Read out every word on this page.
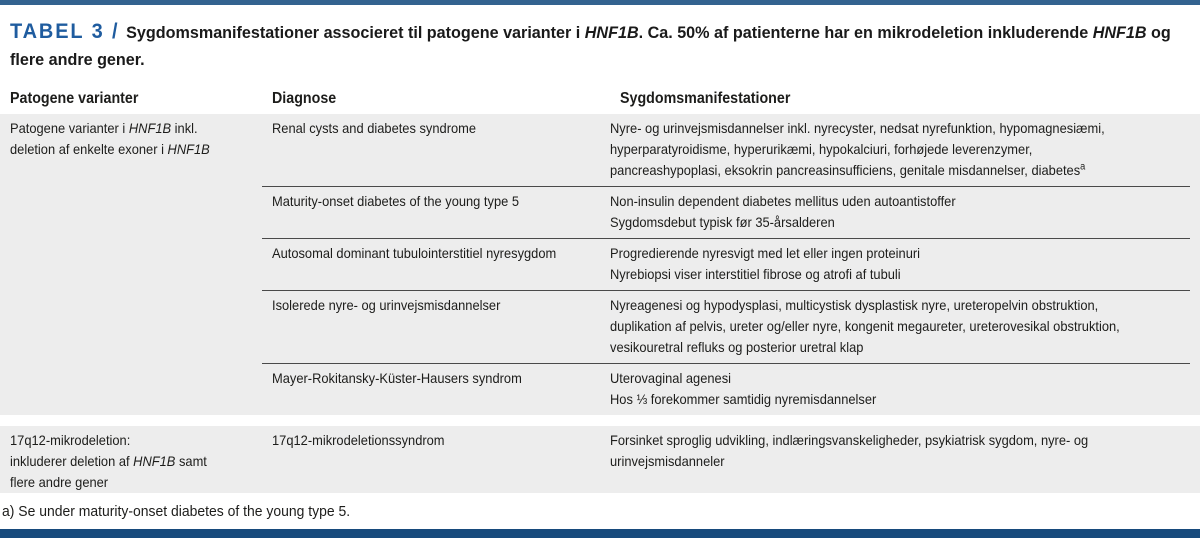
TABEL 3 / Sygdomsmanifestationer associeret til patogene varianter i HNF1B. Ca. 50% af patienterne har en mikrodeletion inkluderende HNF1B og flere andre gener.
Patogene varianter	Diagnose	Sygdomsmanifestationer
Patogene varianter i HNF1B inkl.
deletion af enkelte exoner i HNF1B
Renal cysts and diabetes syndrome	Nyre- og urinvejsmisdannelser inkl. nyrecyster, nedsat nyrefunktion, hypomagnesiæmi,
hyperparatyroidisme, hyperurikæmi, hypokalciuri, forhøjede leverenzymer,
pancreashypoplasi, eksokrin pancreasinsufficiens, genitale misdannelser, diabetes$^a$
Maturity-onset diabetes of the young type 5	Non-insulin dependent diabetes mellitus uden autoantistoffer
Sygdomsdebut typisk før 35-årsalderen
Autosomal dominant tubulointerstitiel nyresygdom	Progredierende nyresvigt med let eller ingen proteinuri
Nyrebiopsi viser interstitiel fibrose og atrofi af tubuli
Isolerede nyre- og urinvejsmisdannelser	Nyreagenesi og hypodysplasi, multicystisk dysplastisk nyre, ureteropelvin obstruktion,
duplikation af pelvis, ureter og/eller nyre, kongenit megaureter, ureterovesikal obstruktion,
vesikouretral refluks og posterior uretral klap
Mayer-Rokitansky-Küster-Hausers syndrom	Uterovaginal agenesi
Hos ⅓ forekommer samtidig nyremisdannelser
17q12-mikrodeletion:
inkluderer deletion af HNF1B samt
flere andre gener
17q12-mikrodeletionssyndrom	Forsinket sproglig udvikling, indlæringsvanskeligheder, psykiatrisk sygdom, nyre- og
urinvejsmisdanneler
a) Se under maturity-onset diabetes of the young type 5.
